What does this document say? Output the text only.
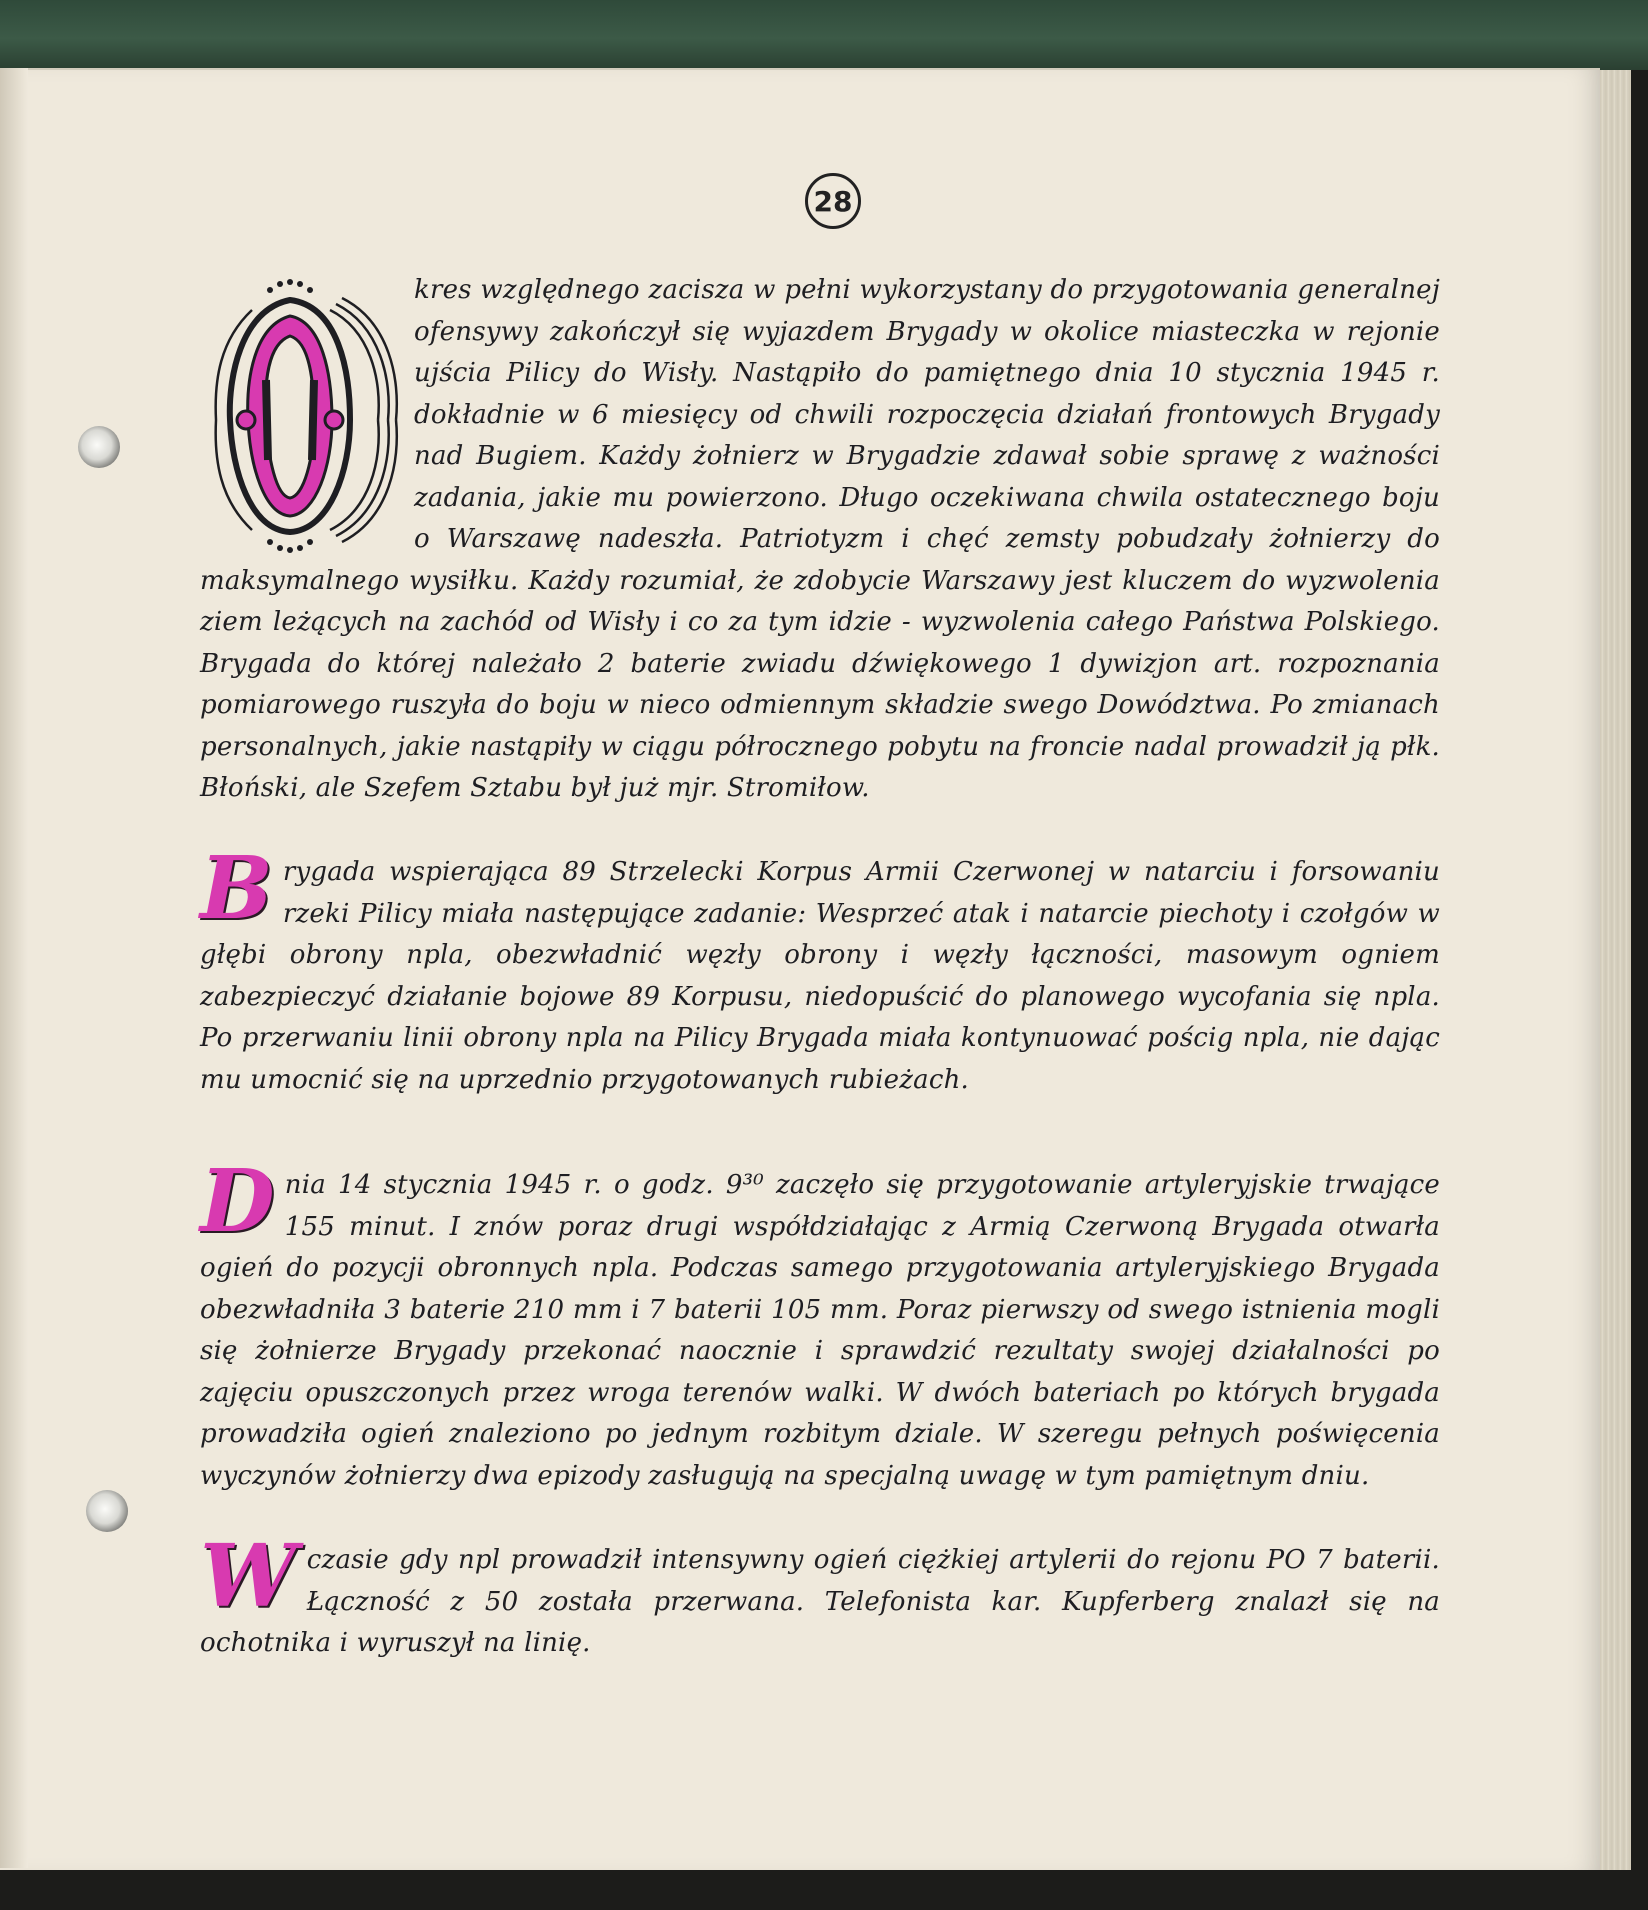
28
kres względnego zacisza w pełni wykorzystany do przygotowania generalnej ofensywy zakończył się wyjazdem Brygady w okolice miasteczka w rejonie ujścia Pilicy do Wisły. Nastąpiło do pamiętnego dnia 10 stycznia 1945 r. dokładnie w 6 miesięcy od chwili rozpoczęcia działań frontowych Brygady nad Bugiem. Każdy żołnierz w Brygadzie zdawał sobie sprawę z ważności zadania, jakie mu powierzono. Długo oczekiwana chwila ostatecznego boju o Warszawę nadeszła. Patriotyzm i chęć zemsty pobudzały żołnierzy do maksymalnego wysiłku. Każdy rozumiał, że zdobycie Warszawy jest kluczem do wyzwolenia ziem leżących na zachód od Wisły i co za tym idzie - wyzwolenia całego Państwa Polskiego. Brygada do której należało 2 baterie zwiadu dźwiękowego 1 dywizjon art. rozpoznania pomiarowego ruszyła do boju w nieco odmiennym składzie swego Dowództwa. Po zmianach personalnych, jakie nastąpiły w ciągu półrocznego pobytu na froncie nadal prowadził ją płk. Błoński, ale Szefem Sztabu był już mjr. Stromiłow.
B rygada wspierająca 89 Strzelecki Korpus Armii Czerwonej w natarciu i forsowaniu rzeki Pilicy miała następujące zadanie: Wesprzeć atak i natarcie piechoty i czołgów w głębi obrony npla, obezwładnić węzły obrony i węzły łączności, masowym ogniem zabezpieczyć działanie bojowe 89 Korpusu, niedopuścić do planowego wycofania się npla. Po przerwaniu linii obrony npla na Pilicy Brygada miała kontynuować pościg npla, nie dając mu umocnić się na uprzednio przygotowanych rubieżach.
D nia 14 stycznia 1945 r. o godz. 9³⁰ zaczęło się przygotowanie artyleryjskie trwające 155 minut. I znów poraz drugi współdziałając z Armią Czerwoną Brygada otwarła ogień do pozycji obronnych npla. Podczas samego przygotowania artyleryjskiego Brygada obezwładniła 3 baterie 210 mm i 7 baterii 105 mm. Poraz pierwszy od swego istnienia mogli się żołnierze Brygady przekonać naocznie i sprawdzić rezultaty swojej działalności po zajęciu opuszczonych przez wroga terenów walki. W dwóch bateriach po których brygada prowadziła ogień znaleziono po jednym rozbitym dziale. W szeregu pełnych poświęcenia wyczynów żołnierzy dwa epizody zasługują na specjalną uwagę w tym pamiętnym dniu.
W czasie gdy npl prowadził intensywny ogień ciężkiej artylerii do rejonu PO 7 baterii. Łączność z 50 została przerwana. Telefonista kar. Kupferberg znalazł się na ochotnika i wyruszył na linię.
